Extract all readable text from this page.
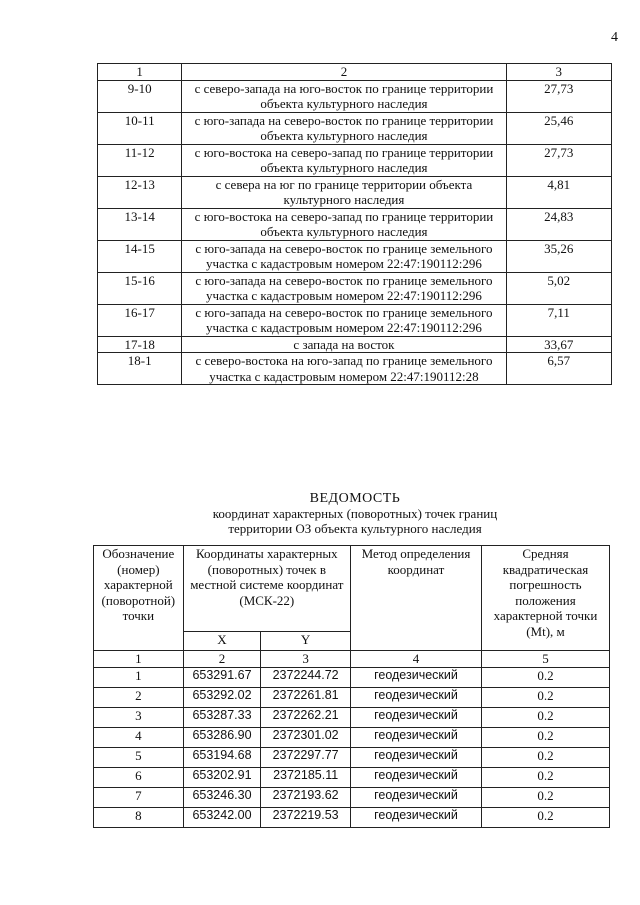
4
1	2	3
9-10	с северо-запада на юго-восток по границе территории объекта культурного наследия	27,73
10-11	с юго-запада на северо-восток по границе территории объекта культурного наследия	25,46
11-12	с юго-востока на северо-запад по границе территории объекта культурного наследия	27,73
12-13	с севера на юг по границе территории объекта культурного наследия	4,81
13-14	с юго-востока на северо-запад по границе территории объекта культурного наследия	24,83
14-15	с юго-запада на северо-восток по границе земельного участка с кадастровым номером 22:47:190112:296	35,26
15-16	с юго-запада на северо-восток по границе земельного участка с кадастровым номером 22:47:190112:296	5,02
16-17	с юго-запада на северо-восток по границе земельного участка с кадастровым номером 22:47:190112:296	7,11
17-18	с запада на восток	33,67
18-1	с северо-востока на юго-запад по границе земельного участка с кадастровым номером 22:47:190112:28	6,57
ВЕДОМОСТЬ
координат характерных (поворотных) точек границ
территории ОЗ объекта культурного наследия
Обозначение (номер) характерной (поворотной) точки	Координаты характерных (поворотных) точек в местной системе координат (МСК-22)		Метод определения координат	Средняя квадратическая погрешность положения характерной точки (Mt), м
	X	Y		
1	2	3	4	5
1	653291.67	2372244.72	геодезический	0.2
2	653292.02	2372261.81	геодезический	0.2
3	653287.33	2372262.21	геодезический	0.2
4	653286.90	2372301.02	геодезический	0.2
5	653194.68	2372297.77	геодезический	0.2
6	653202.91	2372185.11	геодезический	0.2
7	653246.30	2372193.62	геодезический	0.2
8	653242.00	2372219.53	геодезический	0.2
